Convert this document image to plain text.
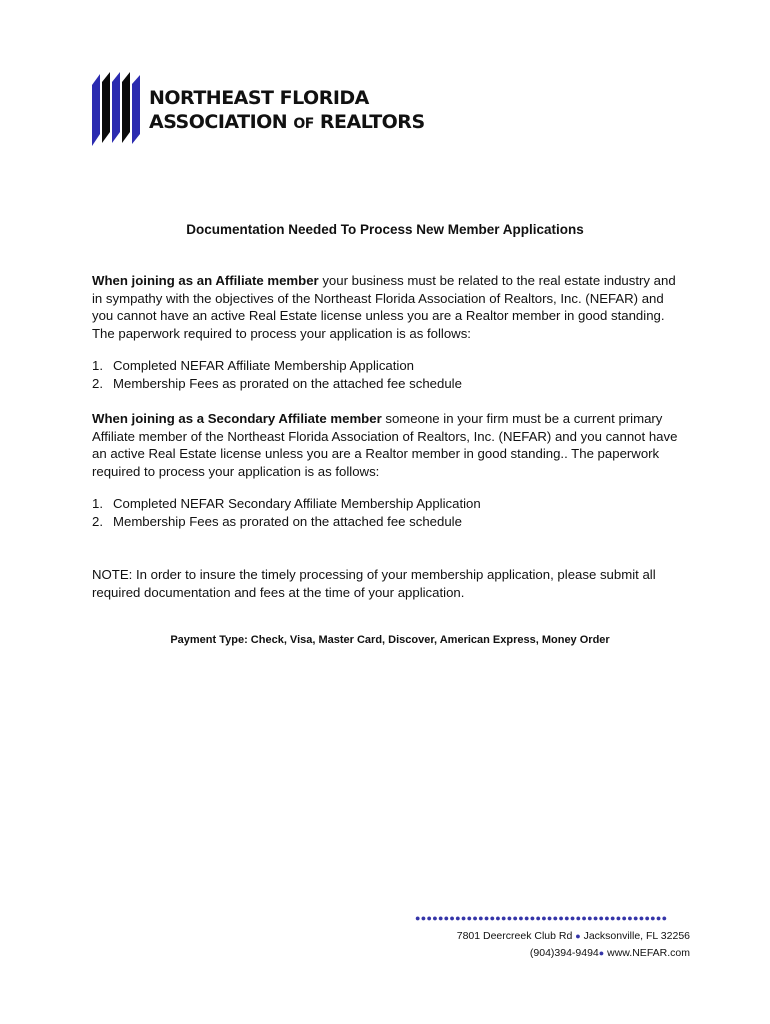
NORTHEAST FLORIDA
ASSOCIATION OF REALTORS
Documentation Needed To Process New Member Applications

When joining as an Affiliate member your business must be related to the real estate industry and in sympathy with the objectives of the Northeast Florida Association of Realtors, Inc. (NEFAR) and you cannot have an active Real Estate license unless you are a Realtor member in good standing. The paperwork required to process your application is as follows:

1. Completed NEFAR Affiliate Membership Application
2. Membership Fees as prorated on the attached fee schedule

When joining as a Secondary Affiliate member someone in your firm must be a current primary Affiliate member of the Northeast Florida Association of Realtors, Inc. (NEFAR) and you cannot have an active Real Estate license unless you are a Realtor member in good standing.. The paperwork required to process your application is as follows:

1. Completed NEFAR Secondary Affiliate Membership Application
2. Membership Fees as prorated on the attached fee schedule

NOTE: In order to insure the timely processing of your membership application, please submit all required documentation and fees at the time of your application.

Payment Type: Check, Visa, Master Card, Discover, American Express, Money Order

●●●●●●●●●●●●●●●●●●●●●●●●●●●●●●●●●●●●●●●●●●●●
7801 Deercreek Club Rd ● Jacksonville, FL 32256
(904)394-9494● www.NEFAR.com
